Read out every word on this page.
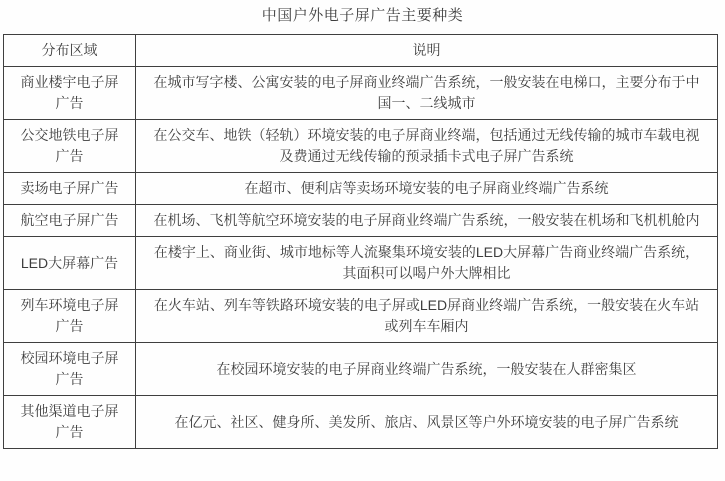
中国户外电子屏广告主要种类
分布区域	说明
商业楼宇电子屏广告	在城市写字楼、公寓安装的电子屏商业终端广告系统，一般安装在电梯口，主要分布于中国一、二线城市
公交地铁电子屏广告	在公交车、地铁（轻轨）环境安装的电子屏商业终端，包括通过无线传输的城市车载电视及费通过无线传输的预录插卡式电子屏广告系统
卖场电子屏广告	在超市、便利店等卖场环境安装的电子屏商业终端广告系统
航空电子屏广告	在机场、飞机等航空环境安装的电子屏商业终端广告系统，一般安装在机场和飞机机舱内
LED大屏幕广告	在楼宇上、商业街、城市地标等人流聚集环境安装的LED大屏幕广告商业终端广告系统，其面积可以喝户外大牌相比
列车环境电子屏广告	在火车站、列车等铁路环境安装的电子屏或LED屏商业终端广告系统，一般安装在火车站或列车车厢内
校园环境电子屏广告	在校园环境安装的电子屏商业终端广告系统，一般安装在人群密集区
其他渠道电子屏广告	在亿元、社区、健身所、美发所、旅店、风景区等户外环境安装的电子屏广告系统
